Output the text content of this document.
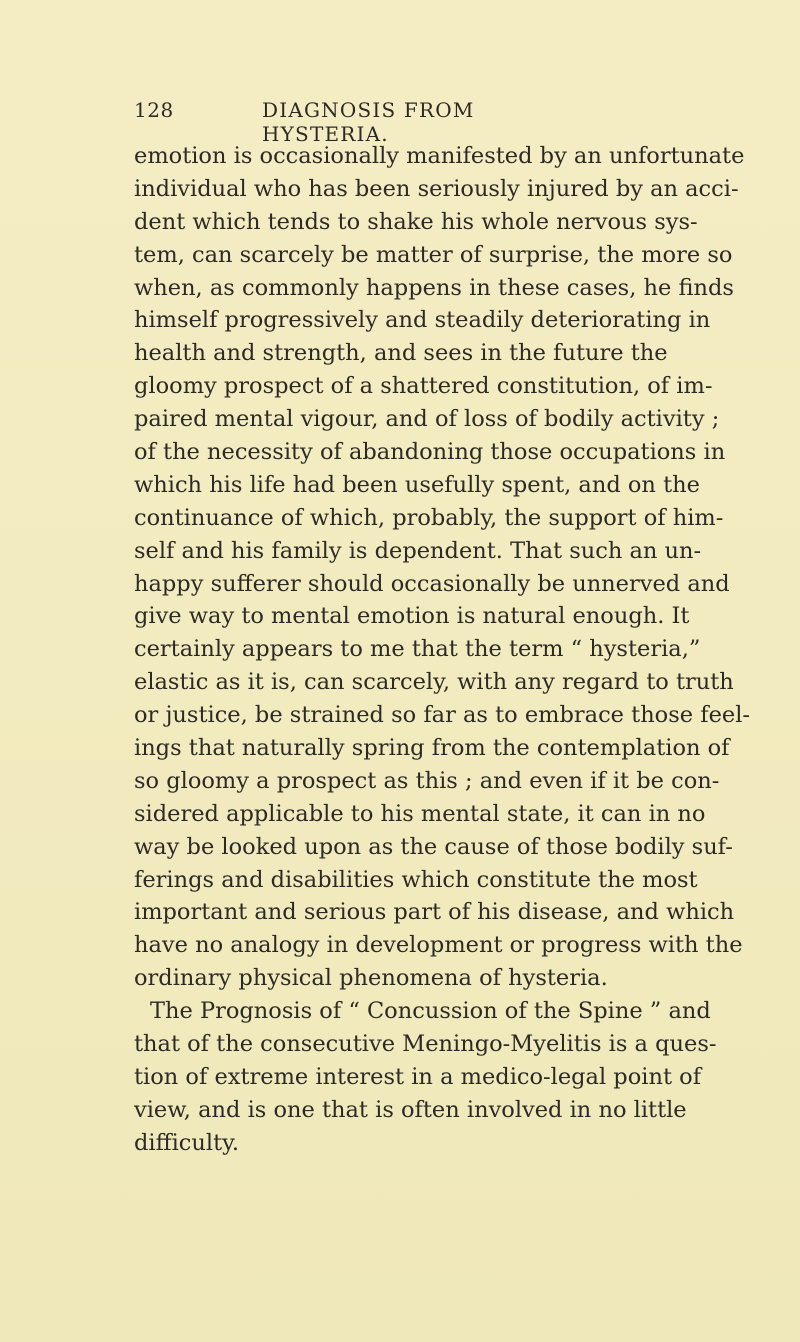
128	DIAGNOSIS FROM HYSTERIA.
emotion is occasionally manifested by an unfortunate
individual who has been seriously injured by an acci-
dent which tends to shake his whole nervous sys-
tem, can scarcely be matter of surprise, the more so
when, as commonly happens in these cases, he finds
himself progressively and steadily deteriorating in
health and strength, and sees in the future the
gloomy prospect of a shattered constitution, of im-
paired mental vigour, and of loss of bodily activity ;
of the necessity of abandoning those occupations in
which his life had been usefully spent, and on the
continuance of which, probably, the support of him-
self and his family is dependent. That such an un-
happy sufferer should occasionally be unnerved and
give way to mental emotion is natural enough. It
certainly appears to me that the term “ hysteria,”
elastic as it is, can scarcely, with any regard to truth
or justice, be strained so far as to embrace those feel-
ings that naturally spring from the contemplation of
so gloomy a prospect as this ; and even if it be con-
sidered applicable to his mental state, it can in no
way be looked upon as the cause of those bodily suf-
ferings and disabilities which constitute the most
important and serious part of his disease, and which
have no analogy in development or progress with the
ordinary physical phenomena of hysteria.
The Prognosis of “ Concussion of the Spine ” and
that of the consecutive Meningo-Myelitis is a ques-
tion of extreme interest in a medico-legal point of
view, and is one that is often involved in no little
difficulty.
